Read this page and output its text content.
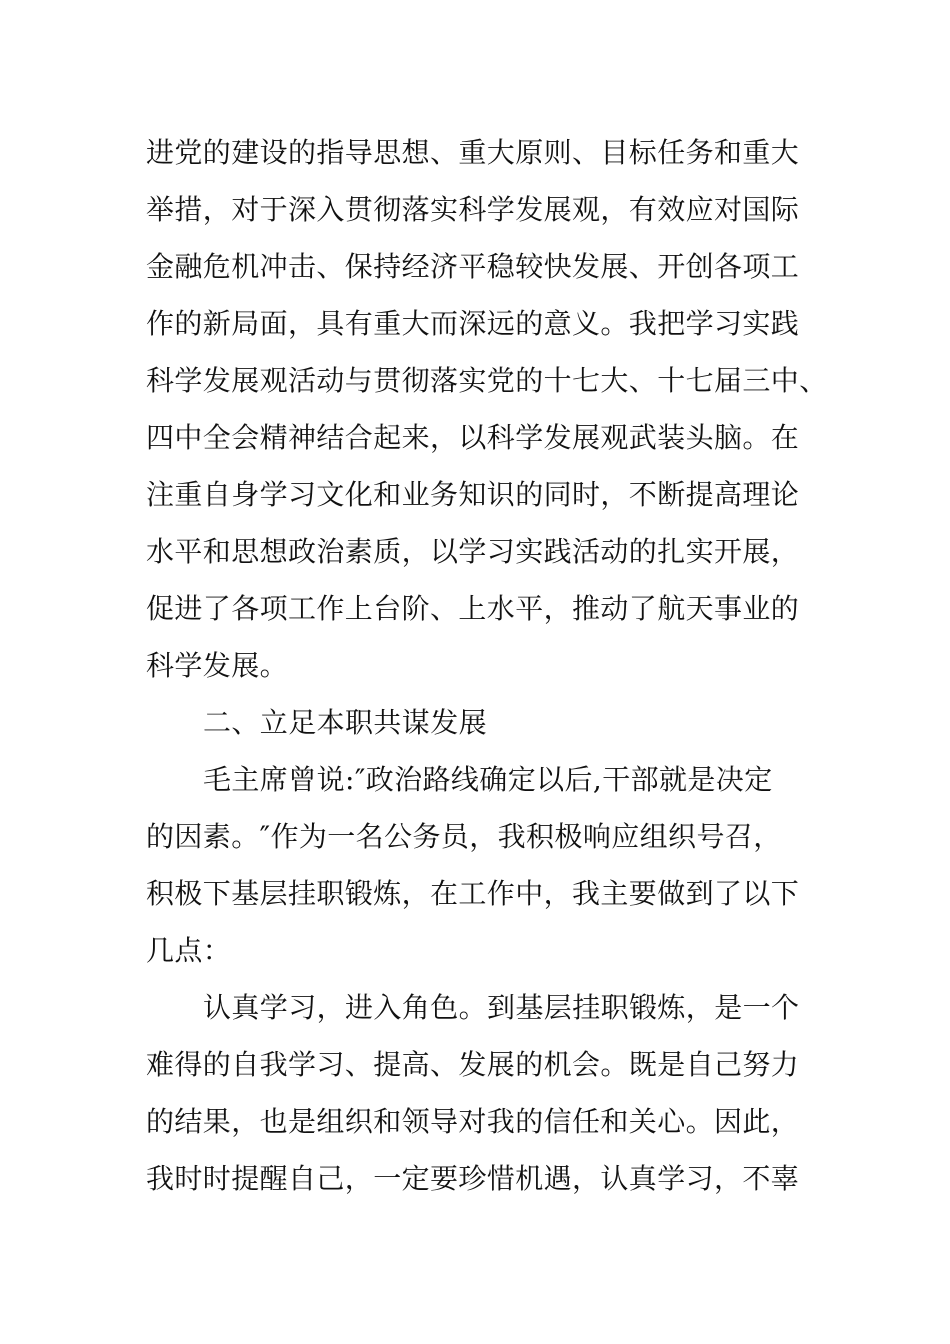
进党的建设的指导思想、重大原则、目标任务和重大
举措，对于深入贯彻落实科学发展观，有效应对国际
金融危机冲击、保持经济平稳较快发展、开创各项工
作的新局面，具有重大而深远的意义。我把学习实践
科学发展观活动与贯彻落实党的十七大、十七届三中、
四中全会精神结合起来，以科学发展观武装头脑。在
注重自身学习文化和业务知识的同时，不断提高理论
水平和思想政治素质，以学习实践活动的扎实开展，
促进了各项工作上台阶、上水平，推动了航天事业的
科学发展。
二、立足本职共谋发展
毛主席曾说:″政治路线确定以后,干部就是决定
的因素。″作为一名公务员，我积极响应组织号召，
积极下基层挂职锻炼，在工作中，我主要做到了以下
几点：
认真学习，进入角色。到基层挂职锻炼，是一个
难得的自我学习、提高、发展的机会。既是自己努力
的结果，也是组织和领导对我的信任和关心。因此，
我时时提醒自己，一定要珍惜机遇，认真学习，不辜
